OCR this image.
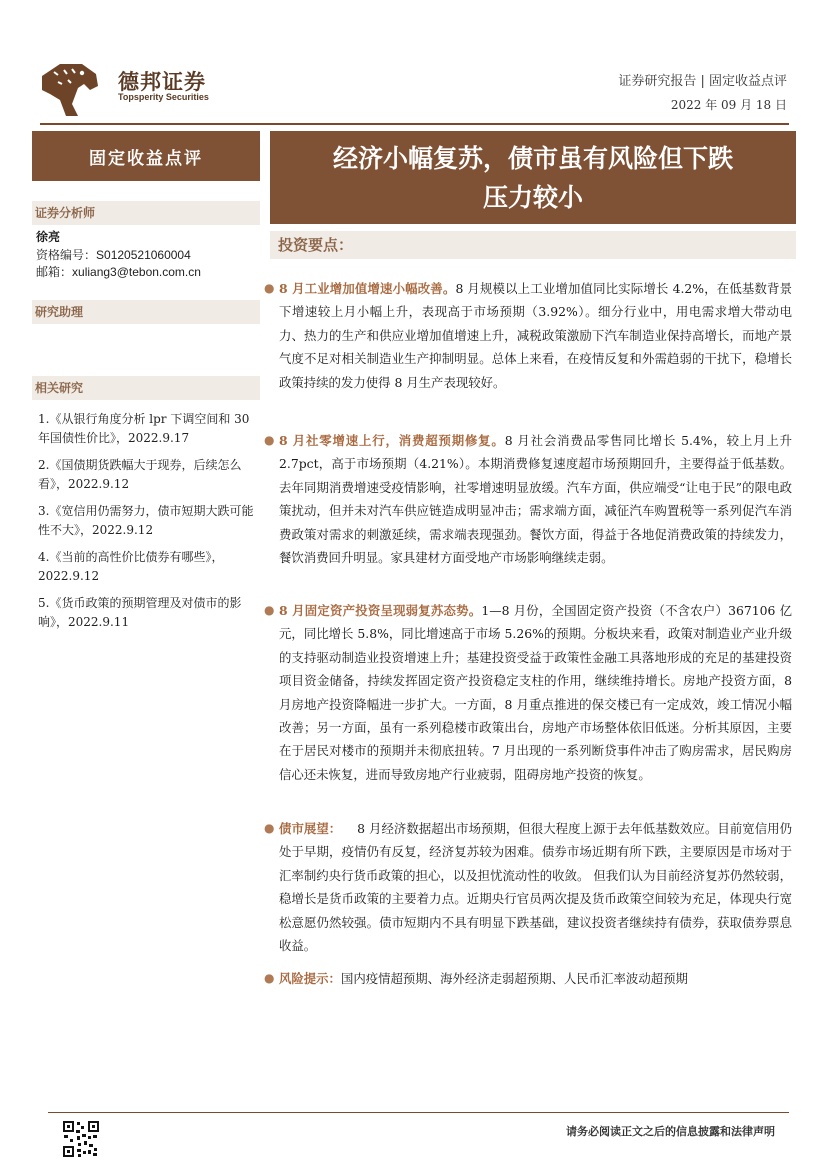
德邦证券
Topsperity Securities
证券研究报告 | 固定收益点评
2022 年 09 月 18 日
固定收益点评
证券分析师
徐亮
资格编号：S0120521060004
邮箱：xuliang3@tebon.com.cn
研究助理
相关研究
1.《从银行角度分析 lpr 下调空间和 30 年国债性价比》，2022.9.17
2.《国债期货跌幅大于现券，后续怎么看》，2022.9.12
3.《宽信用仍需努力，债市短期大跌可能性不大》，2022.9.12
4.《当前的高性价比债券有哪些》，2022.9.12
5.《货币政策的预期管理及对债市的影响》，2022.9.11
经济小幅复苏，债市虽有风险但下跌
压力较小
投资要点：
● 8 月工业增加值增速小幅改善。8 月规模以上工业增加值同比实际增长 4.2%，在低基数背景下增速较上月小幅上升，表现高于市场预期（3.92%）。细分行业中，用电需求増大带动电力、热力的生产和供应业增加值增速上升，减税政策激励下汽车制造业保持高增长，而地产景气度不足对相关制造业生产抑制明显。总体上来看，在疫情反复和外需趋弱的干扰下，稳增长政策持续的发力使得 8 月生产表现较好。
● 8 月社零增速上行，消费超预期修复。8 月社会消费品零售同比增长 5.4%，较上月上升 2.7pct，高于市场预期（4.21%）。本期消费修复速度超市场预期回升，主要得益于低基数。去年同期消费增速受疫情影响，社零增速明显放缓。汽车方面，供应端受“让电于民”的限电政策扰动，但并未对汽车供应链造成明显冲击；需求端方面，减征汽车购置税等一系列促汽车消费政策对需求的刺激延续，需求端表现强劲。餐饮方面，得益于各地促消费政策的持续发力，餐饮消费回升明显。家具建材方面受地产市场影响继续走弱。
● 8 月固定资产投资呈现弱复苏态势。1—8 月份，全国固定资产投资（不含农户）367106 亿元，同比增长 5.8%，同比增速高于市场 5.26%的预期。分板块来看，政策对制造业产业升级的支持驱动制造业投资增速上升；基建投资受益于政策性金融工具落地形成的充足的基建投资项目资金储备，持续发挥固定资产投资稳定支柱的作用，继续维持增长。房地产投资方面，8 月房地产投资降幅进一步扩大。一方面，8 月重点推进的保交楼已有一定成效，竣工情况小幅改善；另一方面，虽有一系列稳楼市政策出台，房地产市场整体依旧低迷。分析其原因，主要在于居民对楼市的预期并未彻底扭转。7 月出现的一系列断贷事件冲击了购房需求，居民购房信心还未恢复，进而导致房地产行业疲弱，阻碍房地产投资的恢复。
● 债市展望：    8 月经济数据超出市场预期，但很大程度上源于去年低基数效应。目前宽信用仍处于早期，疫情仍有反复，经济复苏较为困难。债券市场近期有所下跌，主要原因是市场对于汇率制约央行货币政策的担心，以及担忧流动性的收敛。 但我们认为目前经济复苏仍然较弱，稳增长是货币政策的主要着力点。近期央行官员两次提及货币政策空间较为充足，体现央行宽松意愿仍然较强。债市短期内不具有明显下跌基础，建议投资者继续持有债券，获取债券票息收益。
● 风险提示：国内疫情超预期、海外经济走弱超预期、人民币汇率波动超预期
请务必阅读正文之后的信息披露和法律声明
